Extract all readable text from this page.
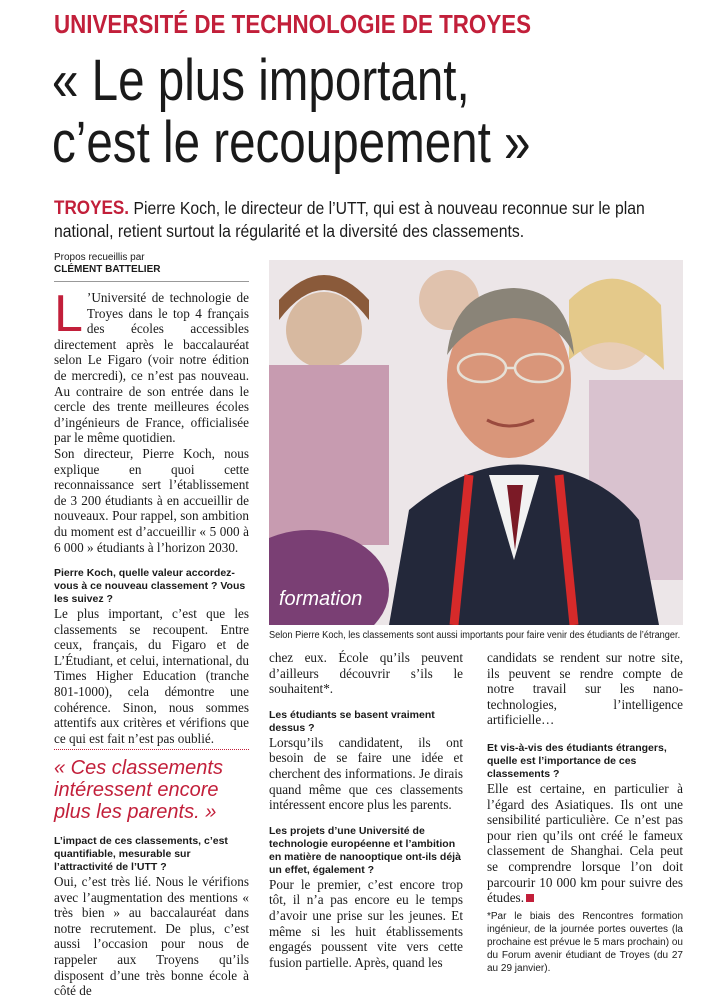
UNIVERSITÉ DE TECHNOLOGIE DE TROYES
« Le plus important,
c’est le recoupement »
TROYES. Pierre Koch, le directeur de l’UTT, qui est à nouveau reconnue sur le plan national, retient surtout la régularité et la diversité des classements.
Propos recueillis par
CLÉMENT BATTELIER

L ’Université de technologie de Troyes dans le top 4 français des écoles accessibles directement après le baccalauréat selon Le Figaro (voir notre édition de mercredi), ce n’est pas nouveau. Au contraire de son entrée dans le cercle des trente meilleures écoles d’ingénieurs de France, officialisée par le même quotidien.

Son directeur, Pierre Koch, nous explique en quoi cette reconnaissance sert l’établissement de 3 200 étudiants à en accueillir de nouveaux. Pour rappel, son ambition du moment est d’accueillir « 5 000 à 6 000 » étudiants à l’horizon 2030.

Pierre Koch, quelle valeur accordez-vous à ce nouveau classement ? Vous les suivez ?

Le plus important, c’est que les classements se recoupent. Entre ceux, français, du Figaro et de L’Étudiant, et celui, international, du Times Higher Education (tranche 801-1000), cela démontre une cohérence. Sinon, nous sommes attentifs aux critères et vérifions que ce qui est fait n’est pas oublié.

« Ces classements intéressent encore plus les parents. »

L’impact de ces classements, c’est quantifiable, mesurable sur l’attractivité de l’UTT ?

Oui, c’est très lié. Nous le vérifions avec l’augmentation des mentions « très bien » au baccalauréat dans notre recrutement. De plus, c’est aussi l’occasion pour nous de rappeler aux Troyens qu’ils disposent d’une très bonne école à côté de

formation
Selon Pierre Koch, les classements sont aussi importants pour faire venir des étudiants de l’étranger.

chez eux. École qu’ils peuvent d’ailleurs découvrir s’ils le souhaitent*.

Les étudiants se basent vraiment dessus ?

Lorsqu’ils candidatent, ils ont besoin de se faire une idée et cherchent des informations. Je dirais quand même que ces classements intéressent encore plus les parents.

Les projets d’une Université de technologie européenne et l’ambition en matière de nanooptique ont-ils déjà un effet, également ?

Pour le premier, c’est encore trop tôt, il n’a pas encore eu le temps d’avoir une prise sur les jeunes. Et même si les huit établissements engagés poussent vite vers cette fusion partielle. Après, quand les

candidats se rendent sur notre site, ils peuvent se rendre compte de notre travail sur les nano-technologies, l’intelligence artificielle…

Et vis-à-vis des étudiants étrangers, quelle est l’importance de ces classements ?

Elle est certaine, en particulier à l’égard des Asiatiques. Ils ont une sensibilité particulière. Ce n’est pas pour rien qu’ils ont créé le fameux classement de Shanghai. Cela peut se comprendre lorsque l’on doit parcourir 10 000 km pour suivre des études.

*Par le biais des Rencontres formation ingénieur, de la journée portes ouvertes (la prochaine est prévue le 5 mars prochain) ou du Forum avenir étudiant de Troyes (du 27 au 29 janvier).
